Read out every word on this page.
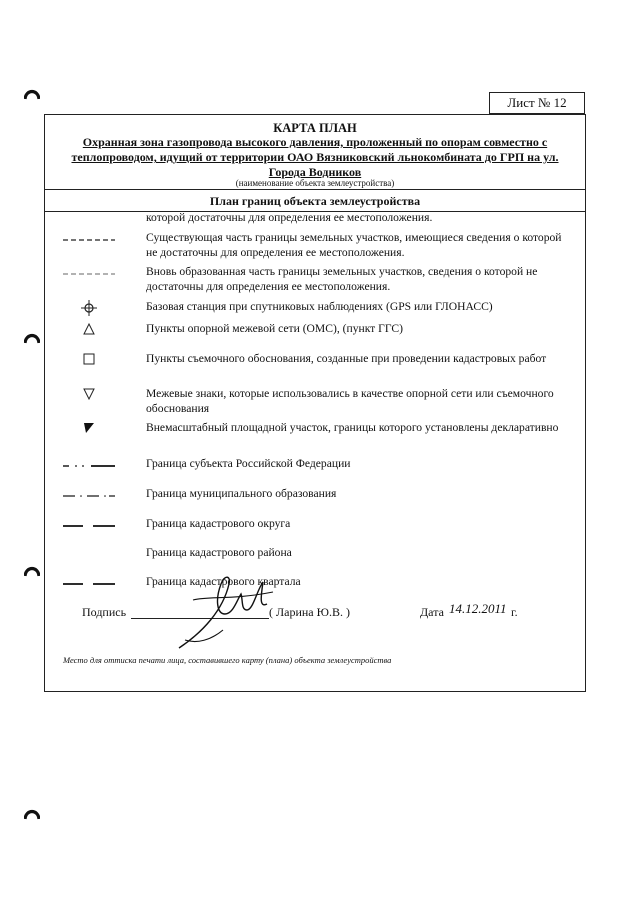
Лист №
12
КАРТА ПЛАН
Охранная зона газопровода высокого давления, проложенный по опорам совместно с теплопроводом, идущий от территории ОАО Вязниковский льнокомбината до ГРП на ул. Города Водников
(наименование объекта землеустройства)
План границ объекта землеустройства
которой достаточны для определения ее местоположения.
Существующая часть границы земельных участков, имеющиеся сведения о которой не достаточны для определения ее местоположения.
Вновь образованная часть границы земельных участков, сведения о которой не достаточны для определения ее местоположения.
Базовая станция при спутниковых наблюдениях (GPS или ГЛОНАСС)
Пункты опорной межевой сети (ОМС), (пункт ГГС)
Пункты съемочного обоснования, созданные при проведении кадастровых работ
Межевые знаки, которые использовались в качестве опорной сети или съемочного обоснования
Внемасштабный площадной участок, границы которого установлены декларативно
Граница субъекта Российской Федерации
Граница муниципального образования
Граница кадастрового округа
Граница кадастрового района
Граница кадастрового квартала
Подпись	( Ларина Ю.В. )	Дата 14.12.2011 г.
Место для оттиска печати лица, составившего карту (плана) объекта землеустройства
